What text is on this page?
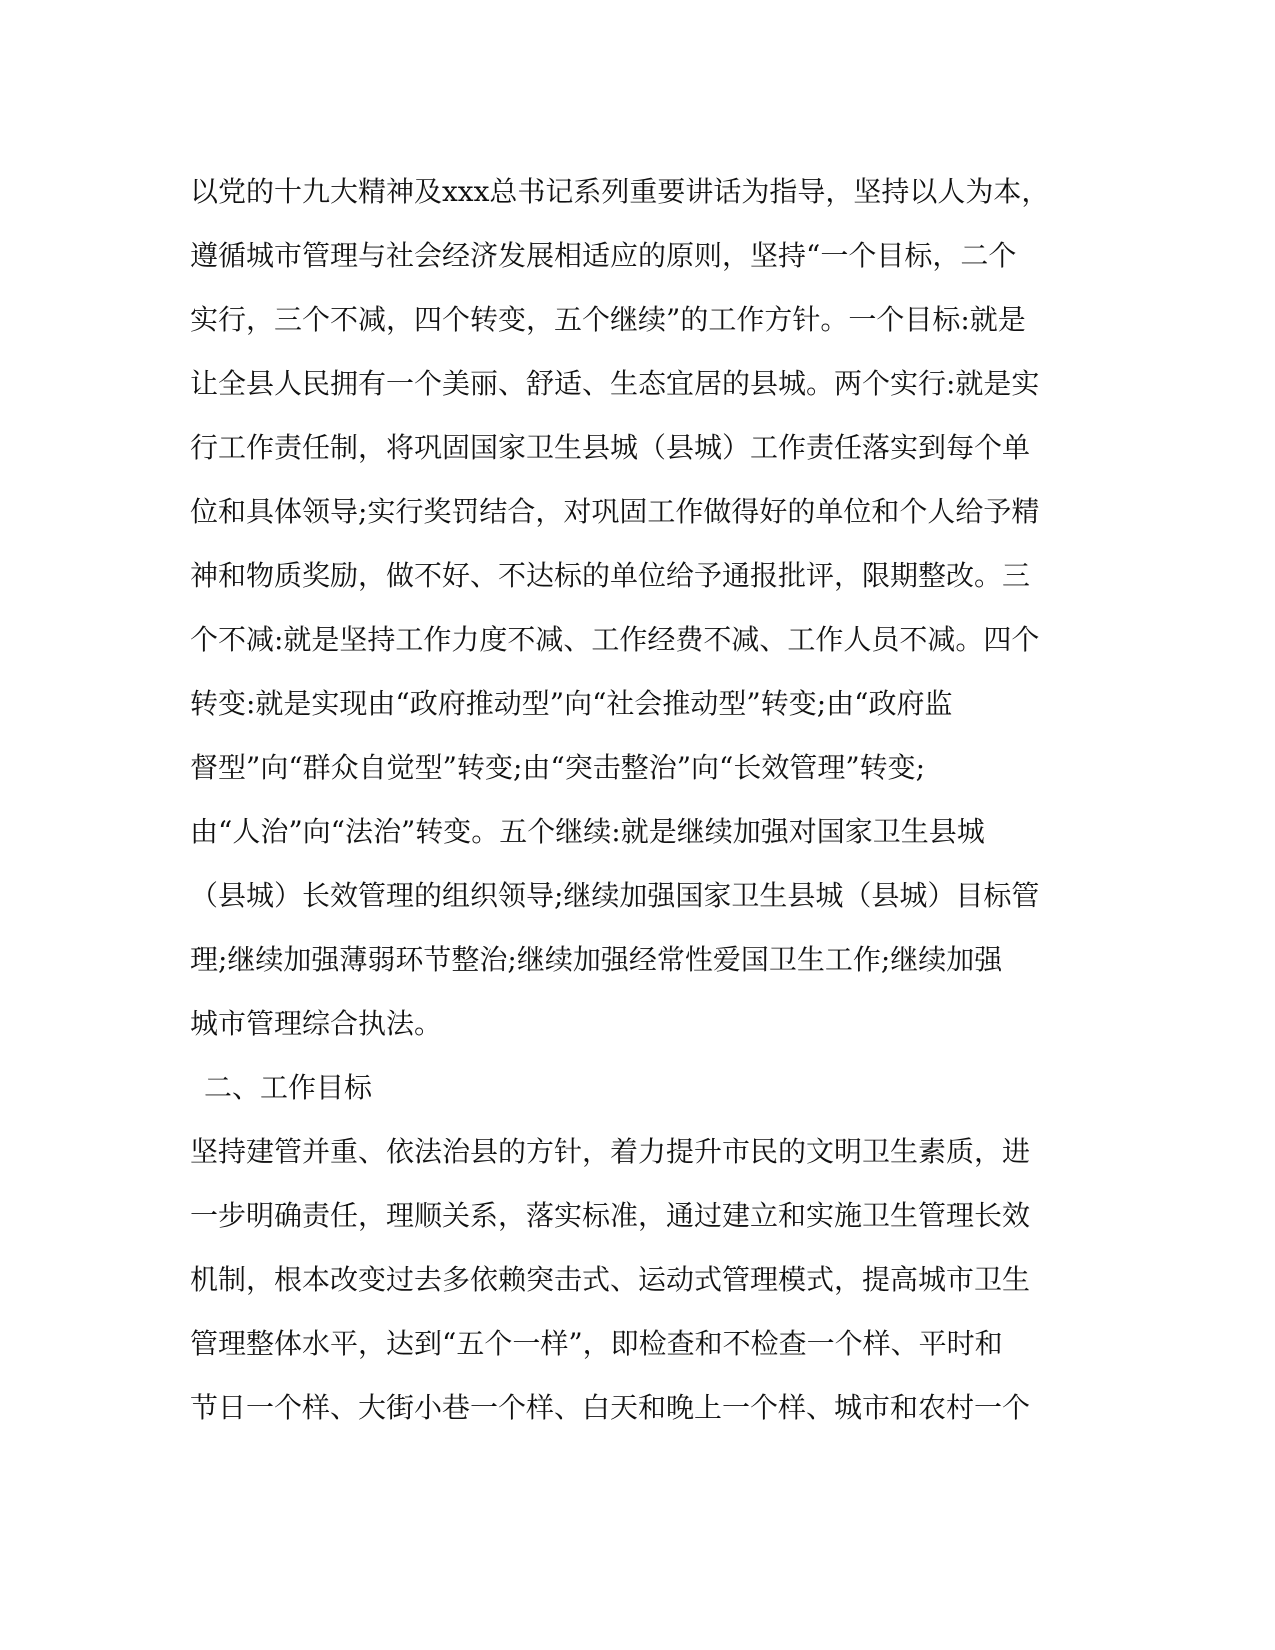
以党的十九大精神及xxx总书记系列重要讲话为指导，坚持以人为本，
遵循城市管理与社会经济发展相适应的原则，坚持“一个目标，二个
实行，三个不减，四个转变，五个继续”的工作方针。一个目标:就是
让全县人民拥有一个美丽、舒适、生态宜居的县城。两个实行:就是实
行工作责任制，将巩固国家卫生县城（县城）工作责任落实到每个单
位和具体领导;实行奖罚结合，对巩固工作做得好的单位和个人给予精
神和物质奖励，做不好、不达标的单位给予通报批评，限期整改。三
个不减:就是坚持工作力度不减、工作经费不减、工作人员不减。四个
转变:就是实现由“政府推动型”向“社会推动型”转变;由“政府监
督型”向“群众自觉型”转变;由“突击整治”向“长效管理”转变;
由“人治”向“法治”转变。五个继续:就是继续加强对国家卫生县城
（县城）长效管理的组织领导;继续加强国家卫生县城（县城）目标管
理;继续加强薄弱环节整治;继续加强经常性爱国卫生工作;继续加强
城市管理综合执法。

二、工作目标

坚持建管并重、依法治县的方针，着力提升市民的文明卫生素质，进
一步明确责任，理顺关系，落实标准，通过建立和实施卫生管理长效
机制，根本改变过去多依赖突击式、运动式管理模式，提高城市卫生
管理整体水平，达到“五个一样”，即检查和不检查一个样、平时和
节日一个样、大街小巷一个样、白天和晚上一个样、城市和农村一个
